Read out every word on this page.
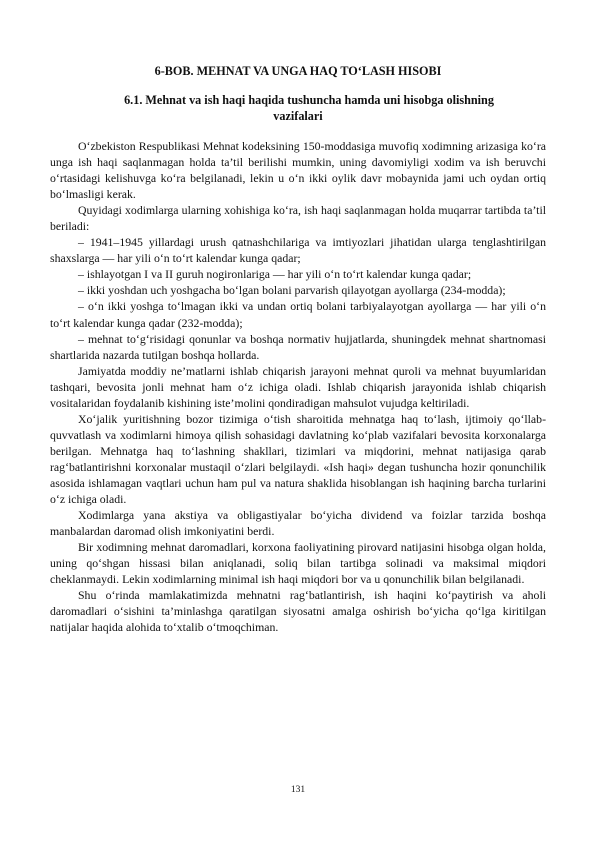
6-BOB. MEHNAT VA UNGA HAQ TO‘LASH HISOBI
6.1. Mehnat va ish haqi haqida tushuncha hamda uni hisobga olishning
vazifalari

O‘zbekiston Respublikasi Mehnat kodeksining 150-moddasiga muvofiq xodimning arizasiga ko‘ra unga ish haqi saqlanmagan holda ta’til berilishi mumkin, uning davomiyligi xodim va ish beruvchi o‘rtasidagi kelishuvga ko‘ra belgilanadi, lekin u o‘n ikki oylik davr mobaynida jami uch oydan ortiq bo‘lmasligi kerak.

Quyidagi xodimlarga ularning xohishiga ko‘ra, ish haqi saqlanmagan holda muqarrar tartibda ta’til beriladi:

– 1941–1945 yillardagi urush qatnashchilariga va imtiyozlari jihatidan ularga tenglashtirilgan shaxslarga — har yili o‘n to‘rt kalendar kunga qadar;

– ishlayotgan I va II guruh nogironlariga — har yili o‘n to‘rt kalendar kunga qadar;

– ikki yoshdan uch yoshgacha bo‘lgan bolani parvarish qilayotgan ayollarga (234-modda);

– o‘n ikki yoshga to‘lmagan ikki va undan ortiq bolani tarbiyalayotgan ayollarga — har yili o‘n to‘rt kalendar kunga qadar (232-modda);

– mehnat to‘g‘risidagi qonunlar va boshqa normativ hujjatlarda, shuningdek mehnat shartnomasi shartlarida nazarda tutilgan boshqa hollarda.

Jamiyatda moddiy ne’matlarni ishlab chiqarish jarayoni mehnat quroli va mehnat buyumlaridan tashqari, bevosita jonli mehnat ham o‘z ichiga oladi. Ishlab chiqarish jarayonida ishlab chiqarish vositalaridan foydalanib kishining iste’molini qondiradigan mahsulot vujudga keltiriladi.

Xo‘jalik yuritishning bozor tizimiga o‘tish sharoitida mehnatga haq to‘lash, ijtimoiy qo‘llab-quvvatlash va xodimlarni himoya qilish sohasidagi davlatning ko‘plab vazifalari bevosita korxonalarga berilgan. Mehnatga haq to‘lashning shakllari, tizimlari va miqdorini, mehnat natijasiga qarab rag‘batlantirishni korxonalar mustaqil o‘zlari belgilaydi. «Ish haqi» degan tushuncha hozir qonunchilik asosida ishlamagan vaqtlari uchun ham pul va natura shaklida hisoblangan ish haqining barcha turlarini o‘z ichiga oladi.

Xodimlarga yana akstiya va obligastiyalar bo‘yicha dividend va foizlar tarzida boshqa manbalardan daromad olish imkoniyatini berdi.

Bir xodimning mehnat daromadlari, korxona faoliyatining pirovard natijasini hisobga olgan holda, uning qo‘shgan hissasi bilan aniqlanadi, soliq bilan tartibga solinadi va maksimal miqdori cheklanmaydi. Lekin xodimlarning minimal ish haqi miqdori bor va u qonunchilik bilan belgilanadi.

Shu o‘rinda mamlakatimizda mehnatni rag‘batlantirish, ish haqini ko‘paytirish va aholi daromadlari o‘sishini ta’minlashga qaratilgan siyosatni amalga oshirish bo‘yicha qo‘lga kiritilgan natijalar haqida alohida to‘xtalib o‘tmoqchiman.

131
